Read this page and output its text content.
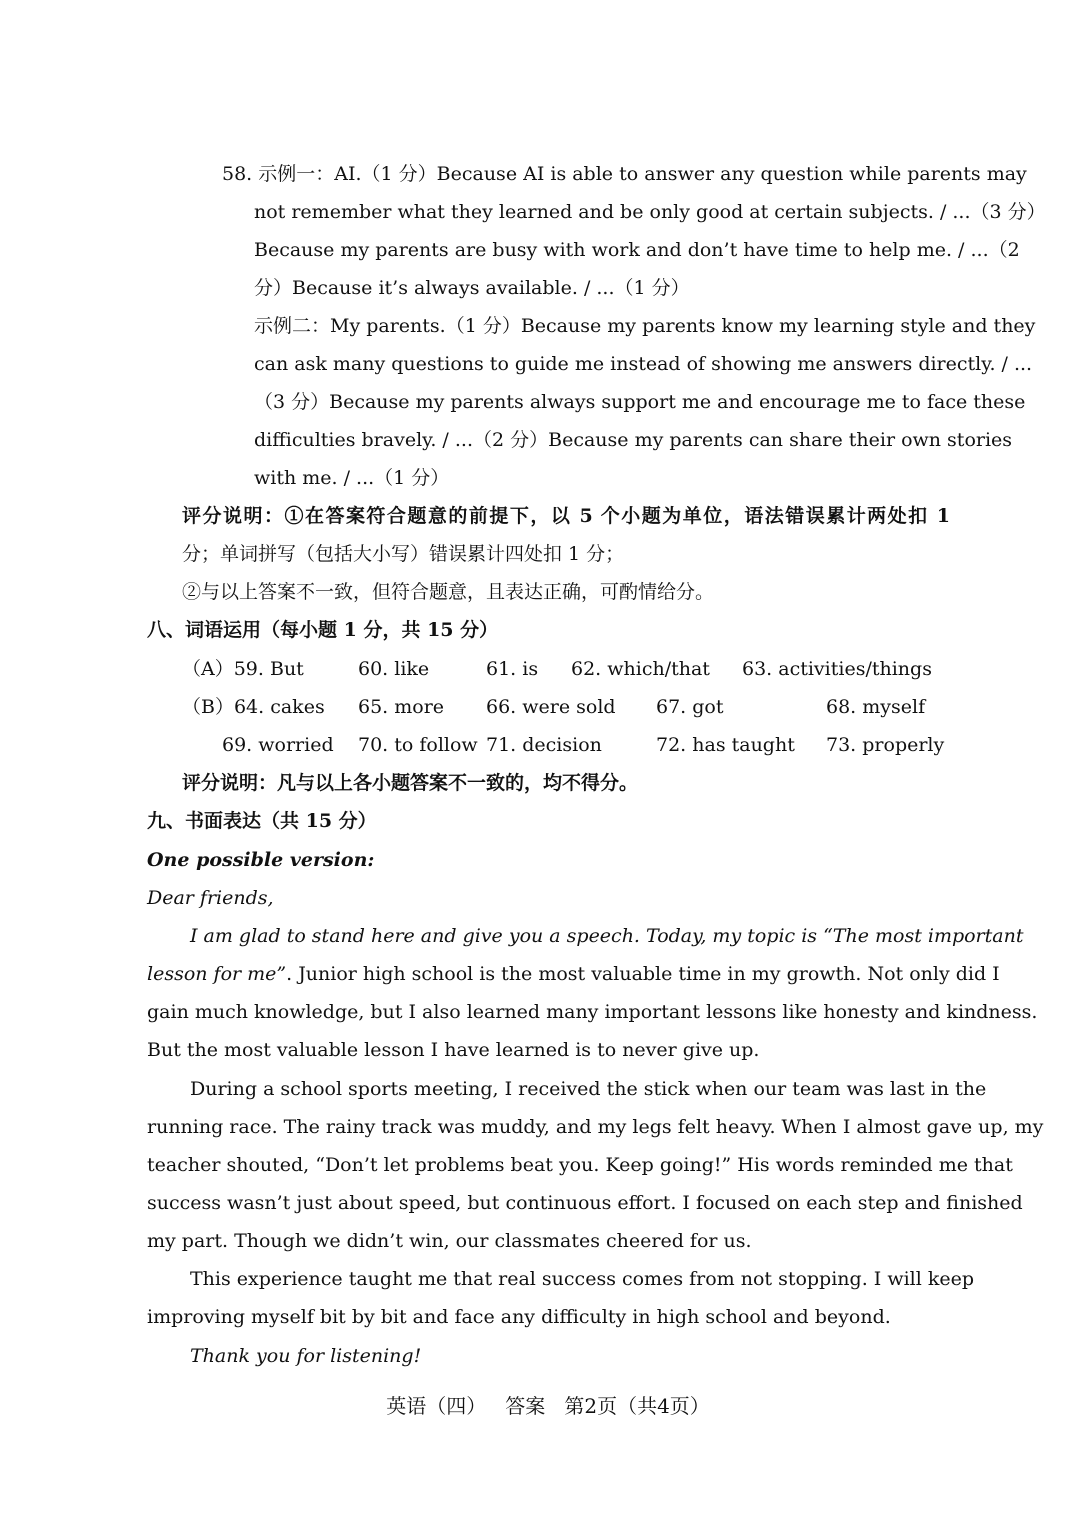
58. 示例一：AI.（1 分）Because AI is able to answer any question while parents may
not remember what they learned and be only good at certain subjects. / ...（3 分）
Because my parents are busy with work and don’t have time to help me. / ...（2
分）Because it’s always available. / ...（1 分）
示例二：My parents.（1 分）Because my parents know my learning style and they
can ask many questions to guide me instead of showing me answers directly. / ...
（3 分）Because my parents always support me and encourage me to face these
difficulties bravely. / ...（2 分）Because my parents can share their own stories
with me. / ...（1 分）
评分说明：①在答案符合题意的前提下，以 5 个小题为单位，语法错误累计两处扣 1
分；单词拼写（包括大小写）错误累计四处扣 1 分；
②与以上答案不一致，但符合题意，且表达正确，可酌情给分。
八、词语运用（每小题 1 分，共 15 分）
（A）59. But	60. like	61. is 62. which/that 63. activities/things
（B）64. cakes 65. more 66. were sold 67. got	68. myself
69. worried 70. to follow 71. decision	72. has taught 73. properly
评分说明：凡与以上各小题答案不一致的，均不得分。
九、书面表达（共 15 分）
One possible version:
Dear friends,
I am glad to stand here and give you a speech. Today, my topic is “The most important
lesson for me”. Junior high school is the most valuable time in my growth. Not only did I
gain much knowledge, but I also learned many important lessons like honesty and kindness.
But the most valuable lesson I have learned is to never give up.
During a school sports meeting, I received the stick when our team was last in the
running race. The rainy track was muddy, and my legs felt heavy. When I almost gave up, my
teacher shouted, “Don’t let problems beat you. Keep going!” His words reminded me that
success wasn’t just about speed, but continuous effort. I focused on each step and finished
my part. Though we didn’t win, our classmates cheered for us.
This experience taught me that real success comes from not stopping. I will keep
improving myself bit by bit and face any difficulty in high school and beyond.
Thank you for listening!
英语（四）   答案   第2页（共4页）
